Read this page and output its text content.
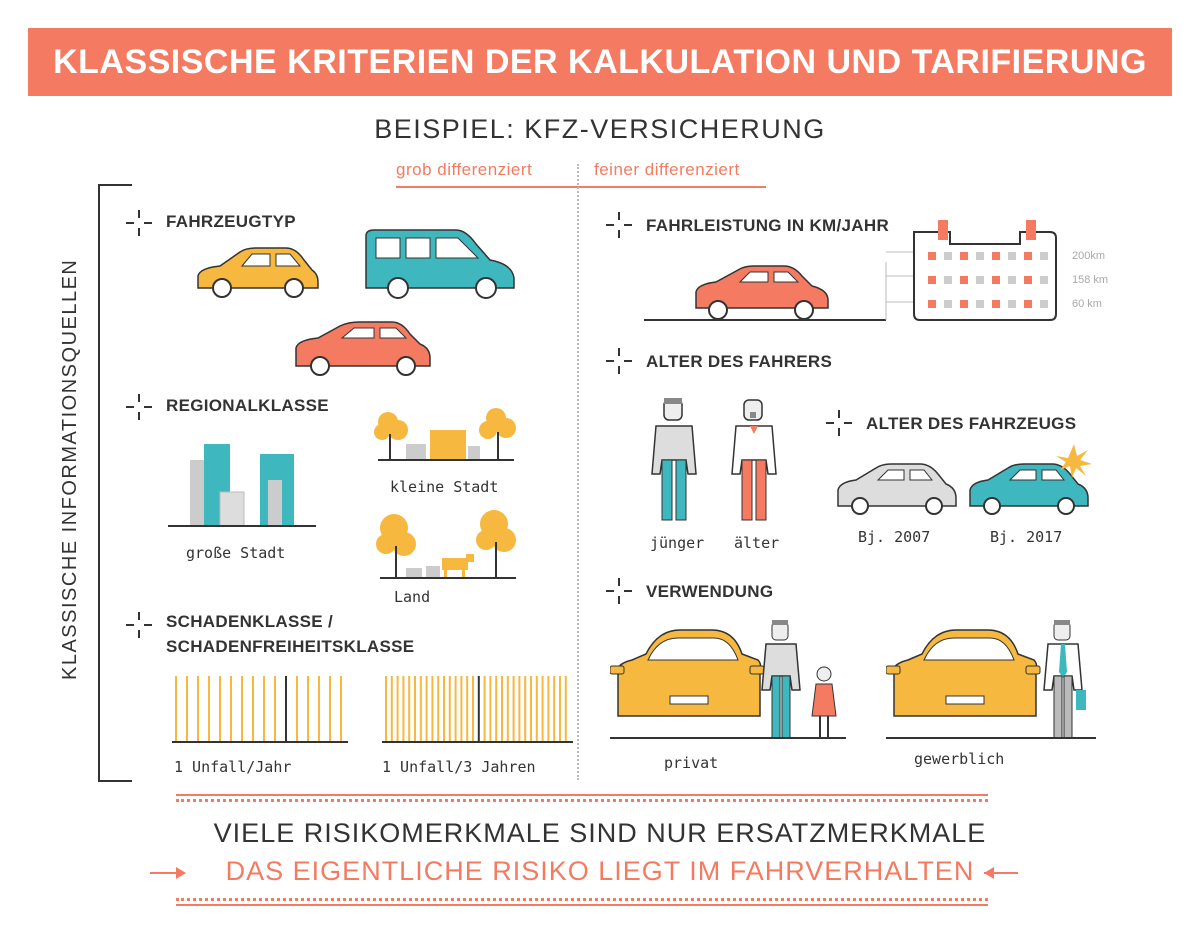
KLASSISCHE KRITERIEN DER KALKULATION UND TARIFIERUNG
BEISPIEL: KFZ-VERSICHERUNG
grob differenziert	feiner differenziert
KLASSISCHE INFORMATIONSQUELLEN
FAHRZEUGTYP
REGIONALKLASSE
große Stadt
kleine Stadt
Land
SCHADENKLASSE /
SCHADENFREIHEITSKLASSE
1 Unfall/Jahr	1 Unfall/3 Jahren
FAHRLEISTUNG IN KM/JAHR
200km
158 km
60 km
ALTER DES FAHRERS
jünger älter
ALTER DES FAHRZEUGS
Bj. 2007	Bj. 2017
VERWENDUNG
privat	gewerblich
VIELE RISIKOMERKMALE SIND NUR ERSATZMERKMALE
DAS EIGENTLICHE RISIKO LIEGT IM FAHRVERHALTEN
